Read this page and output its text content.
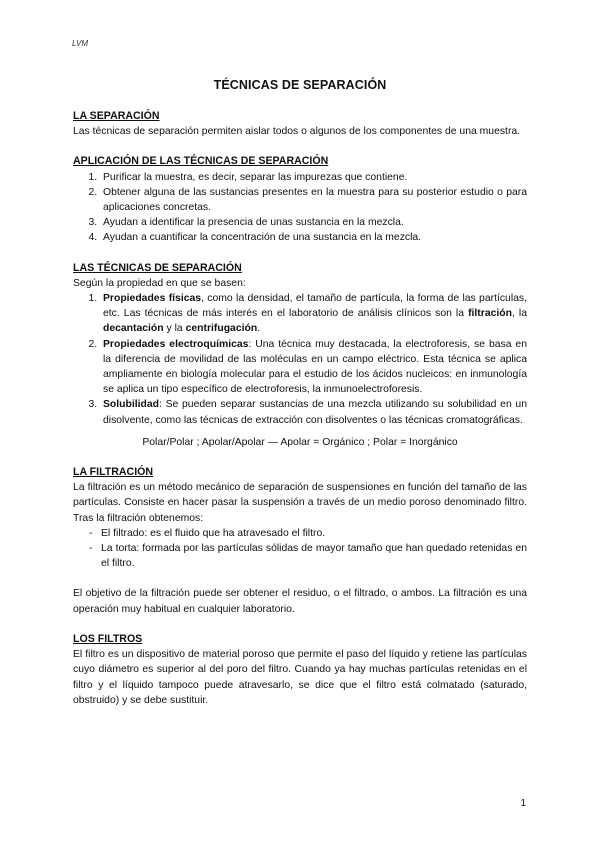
LVM
TÉCNICAS DE SEPARACIÓN
LA SEPARACIÓN

Las técnicas de separación permiten aislar todos o algunos de los componentes de una muestra.

APLICACIÓN DE LAS TÉCNICAS DE SEPARACIÓN
1. Purificar la muestra, es decir, separar las impurezas que contiene.
2. Obtener alguna de las sustancias presentes en la muestra para su posterior estudio o para aplicaciones concretas.
3. Ayudan a identificar la presencia de unas sustancia en la mezcla.
4. Ayudan a cuantificar la concentración de una sustancia en la mezcla.
LAS TÉCNICAS DE SEPARACIÓN

Según la propiedad en que se basen:

1. Propiedades físicas, como la densidad, el tamaño de partícula, la forma de las partículas, etc. Las técnicas de más interés en el laboratorio de análisis clínicos son la filtración, la decantación y la centrifugación.
2. Propiedades electroquímicas: Una técnica muy destacada, la electroforesis, se basa en la diferencia de movilidad de las moléculas en un campo eléctrico. Esta técnica se aplica ampliamente en biología molecular para el estudio de los ácidos nucleicos: en inmunología se aplica un tipo específico de electroforesis, la inmunoelectroforesis.
3. Solubilidad: Se pueden separar sustancias de una mezcla utilizando su solubilidad en un disolvente, como las técnicas de extracción con disolventes o las técnicas cromatográficas.

Polar/Polar ; Apolar/Apolar — Apolar = Orgánico ; Polar = Inorgánico

LA FILTRACIÓN

La filtración es un método mecánico de separación de suspensiones en función del tamaño de las partículas. Consiste en hacer pasar la suspensión a través de un medio poroso denominado filtro. Tras la filtración obtenemos:

- El filtrado: es el fluido que ha atravesado el filtro.
- La torta: formada por las partículas sólidas de mayor tamaño que han quedado retenidas en el filtro.

El objetivo de la filtración puede ser obtener el residuo, o el filtrado, o ambos. La filtración es una operación muy habitual en cualquier laboratorio.

LOS FILTROS

El filtro es un dispositivo de material poroso que permite el paso del líquido y retiene las partículas cuyo diámetro es superior al del poro del filtro. Cuando ya hay muchas partículas retenidas en el filtro y el líquido tampoco puede atravesarlo, se dice que el filtro está colmatado (saturado, obstruido) y se debe sustituir.

1
